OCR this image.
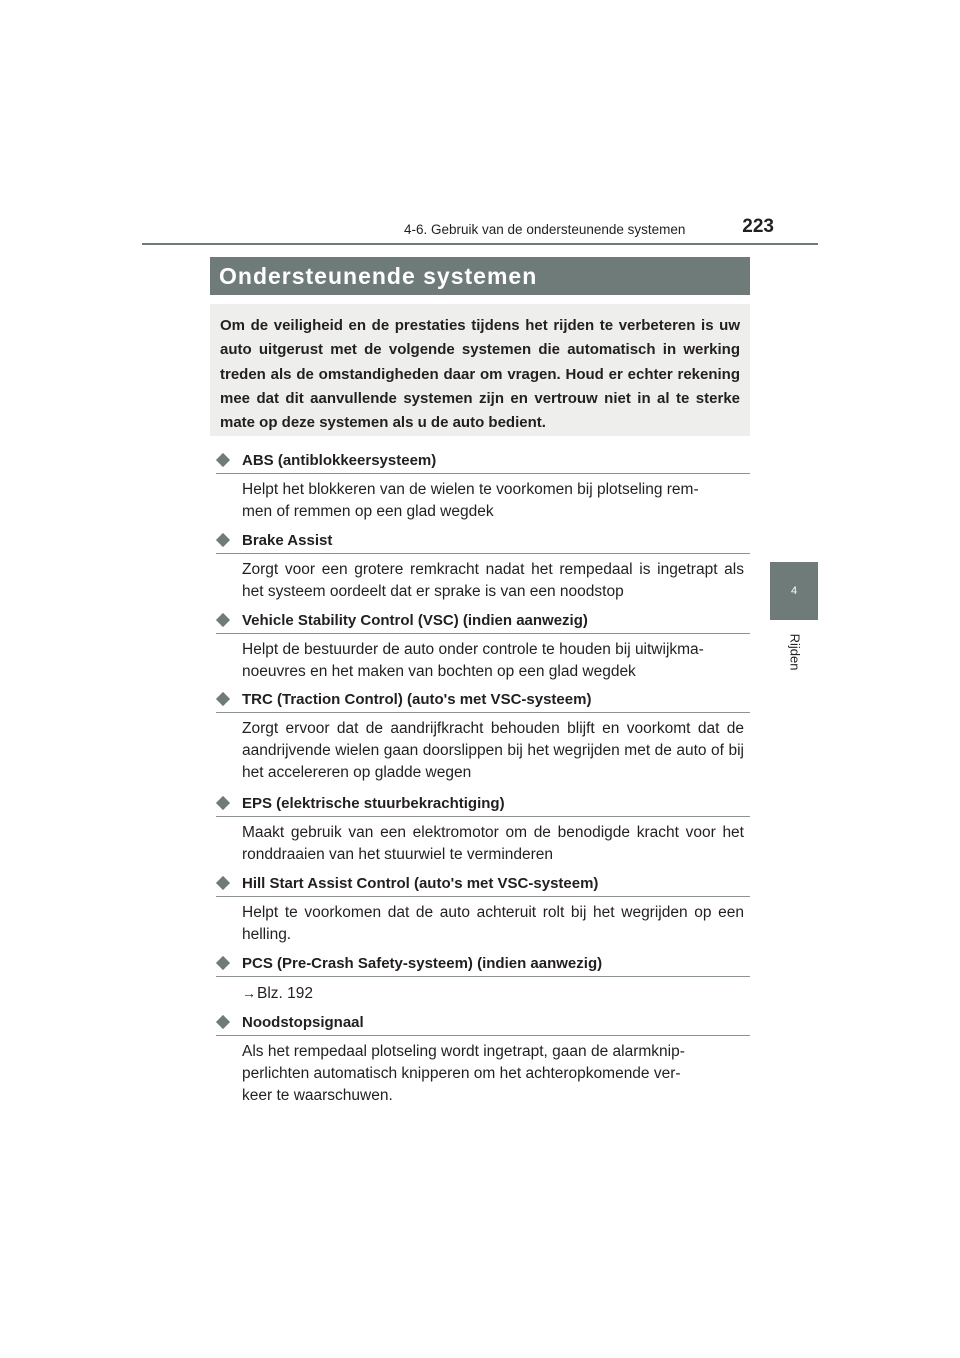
4-6. Gebruik van de ondersteunende systemen	223
4
Rijden
Ondersteunende systemen

Om de veiligheid en de prestaties tijdens het rijden te verbeteren is uw auto uitgerust met de volgende systemen die automatisch in werking treden als de omstandigheden daar om vragen. Houd er echter rekening mee dat dit aanvullende systemen zijn en vertrouw niet in al te sterke mate op deze systemen als u de auto bedient.

ABS (antiblokkeersysteem)
Helpt het blokkeren van de wielen te voorkomen bij plotseling rem-
men of remmen op een glad wegdek
Brake Assist
Zorgt voor een grotere remkracht nadat het rempedaal is ingetrapt als het systeem oordeelt dat er sprake is van een noodstop
Vehicle Stability Control (VSC) (indien aanwezig)
Helpt de bestuurder de auto onder controle te houden bij uitwijkma-
noeuvres en het maken van bochten op een glad wegdek
TRC (Traction Control) (auto's met VSC-systeem)
Zorgt ervoor dat de aandrijfkracht behouden blijft en voorkomt dat de aandrijvende wielen gaan doorslippen bij het wegrijden met de auto of bij het accelereren op gladde wegen
EPS (elektrische stuurbekrachtiging)
Maakt gebruik van een elektromotor om de benodigde kracht voor het ronddraaien van het stuurwiel te verminderen
Hill Start Assist Control (auto's met VSC-systeem)
Helpt te voorkomen dat de auto achteruit rolt bij het wegrijden op een helling.
PCS (Pre-Crash Safety-systeem) (indien aanwezig)
→Blz. 192
Noodstopsignaal
Als het rempedaal plotseling wordt ingetrapt, gaan de alarmknip-
perlichten automatisch knipperen om het achteropkomende ver-
keer te waarschuwen.
